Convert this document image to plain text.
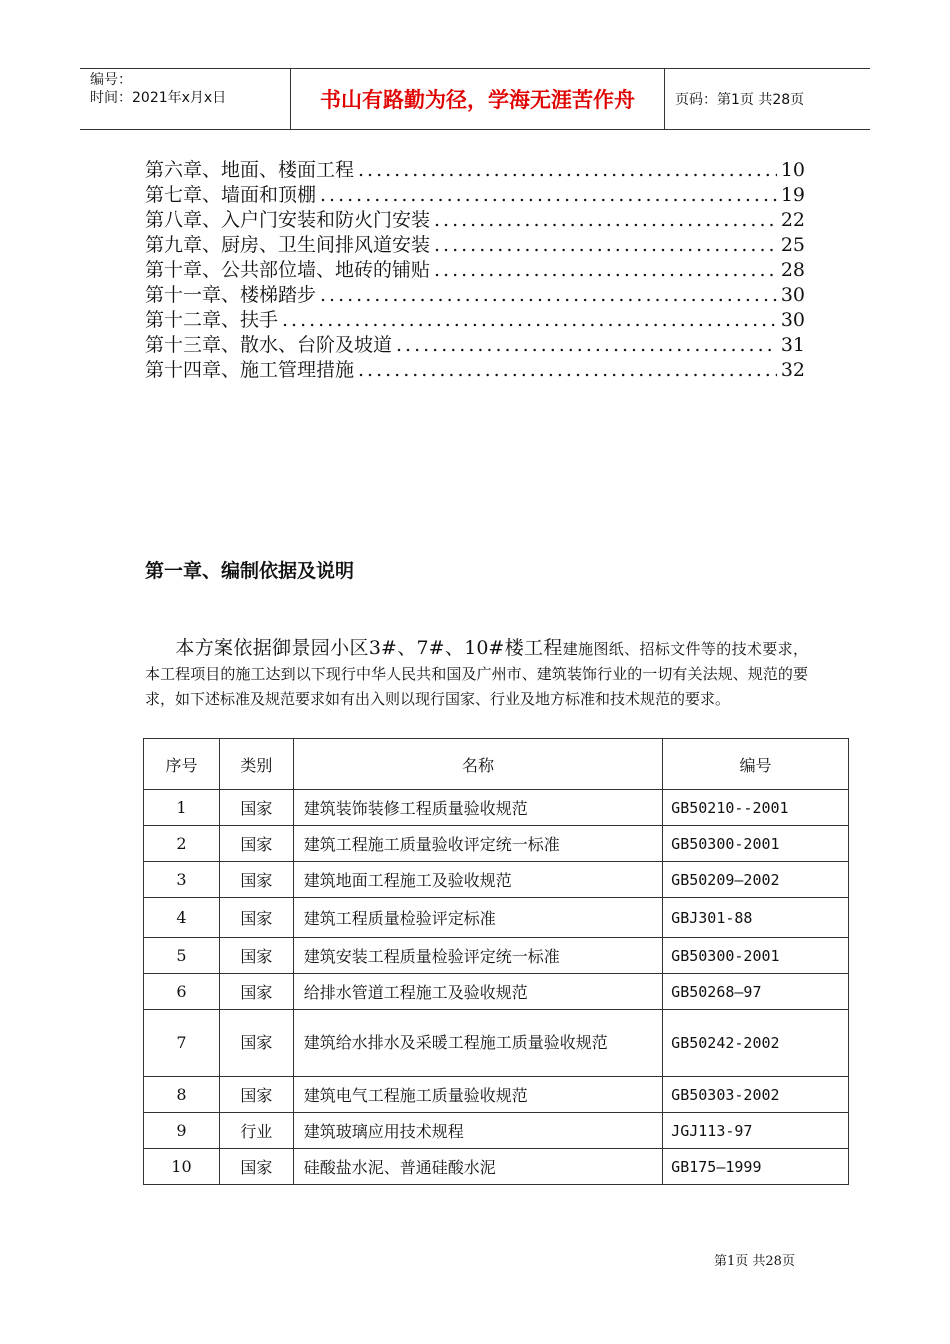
编号：
时间：2021年x月x日	书山有路勤为径，学海无涯苦作舟	页码：第1页 共28页
第六章、地面、楼面工程 .....	10
第七章、墙面和顶棚 .....	19
第八章、入户门安装和防火门安装 .....	22
第九章、厨房、卫生间排风道安装 .....	25
第十章、公共部位墙、地砖的铺贴 .....	28
第十一章、楼梯踏步 .....	30
第十二章、扶手 .....	30
第十三章、散水、台阶及坡道 .....	31
第十四章、施工管理措施 .....	32
第一章、编制依据及说明
  本方案依据御景园小区3#、7#、10#楼工程建施图纸、招标文件等的技术要求，本工程项目的施工达到以下现行中华人民共和国及广州市、建筑装饰行业的一切有关法规、规范的要求，如下述标准及规范要求如有出入则以现行国家、行业及地方标准和技术规范的要求。
序号	类别	名称	编号
1	国家	建筑装饰装修工程质量验收规范	GB50210--2001
2	国家	建筑工程施工质量验收评定统一标准	GB50300-2001
3	国家	建筑地面工程施工及验收规范	GB50209—2002
4	国家	建筑工程质量检验评定标准	GBJ301-88
5	国家	建筑安装工程质量检验评定统一标准	GB50300-2001
6	国家	给排水管道工程施工及验收规范	GB50268—97
7	国家	建筑给水排水及采暖工程施工质量验收规范	GB50242-2002
8	国家	建筑电气工程施工质量验收规范	GB50303-2002
9	行业	建筑玻璃应用技术规程	JGJ113-97
10	国家	硅酸盐水泥、普通硅酸水泥	GB175—1999
第1页 共28页
